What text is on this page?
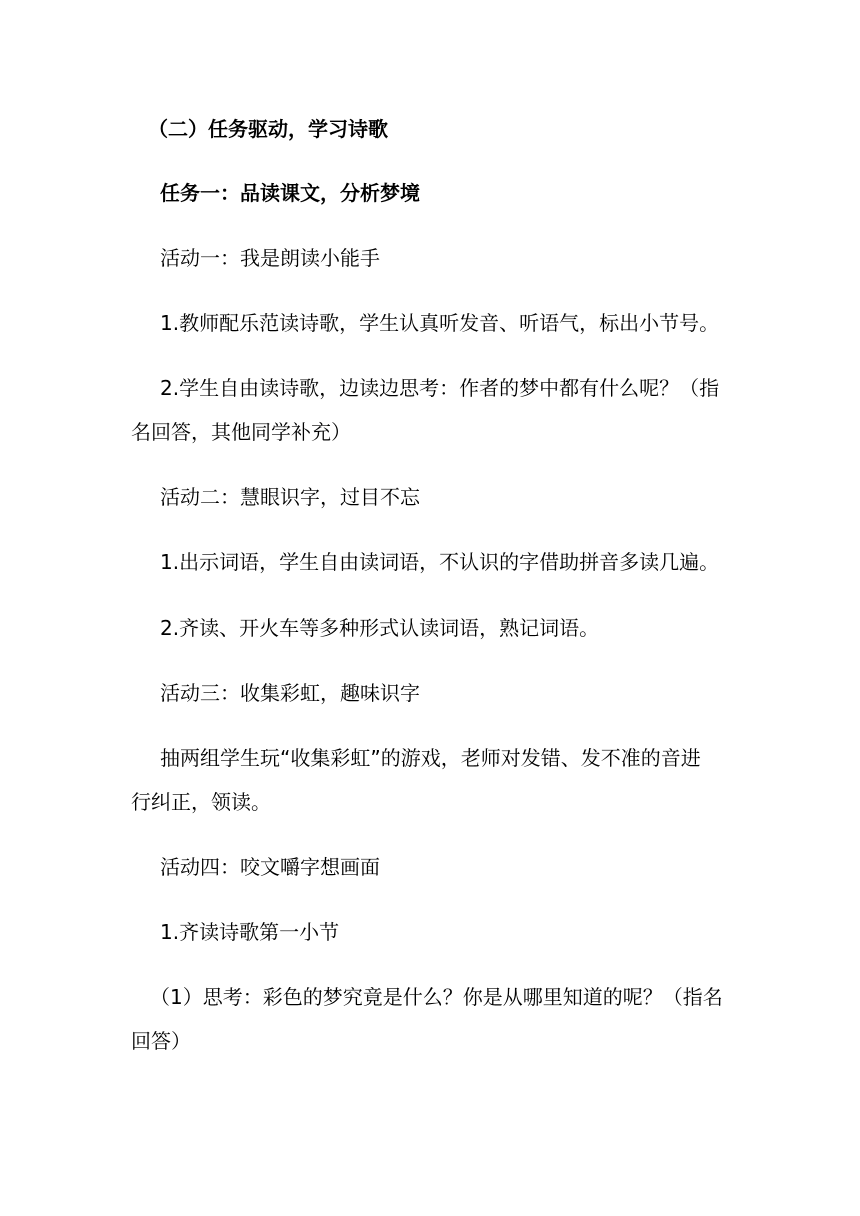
（二）任务驱动，学习诗歌
任务一：品读课文，分析梦境
活动一：我是朗读小能手
1.教师配乐范读诗歌，学生认真听发音、听语气，标出小节号。
2.学生自由读诗歌，边读边思考：作者的梦中都有什么呢？（指
名回答，其他同学补充）
活动二：慧眼识字，过目不忘
1.出示词语，学生自由读词语，不认识的字借助拼音多读几遍。
2.齐读、开火车等多种形式认读词语，熟记词语。
活动三：收集彩虹，趣味识字
抽两组学生玩“收集彩虹”的游戏，老师对发错、发不准的音进
行纠正，领读。
活动四：咬文嚼字想画面
1.齐读诗歌第一小节
（1）思考：彩色的梦究竟是什么？你是从哪里知道的呢？（指名
回答）
